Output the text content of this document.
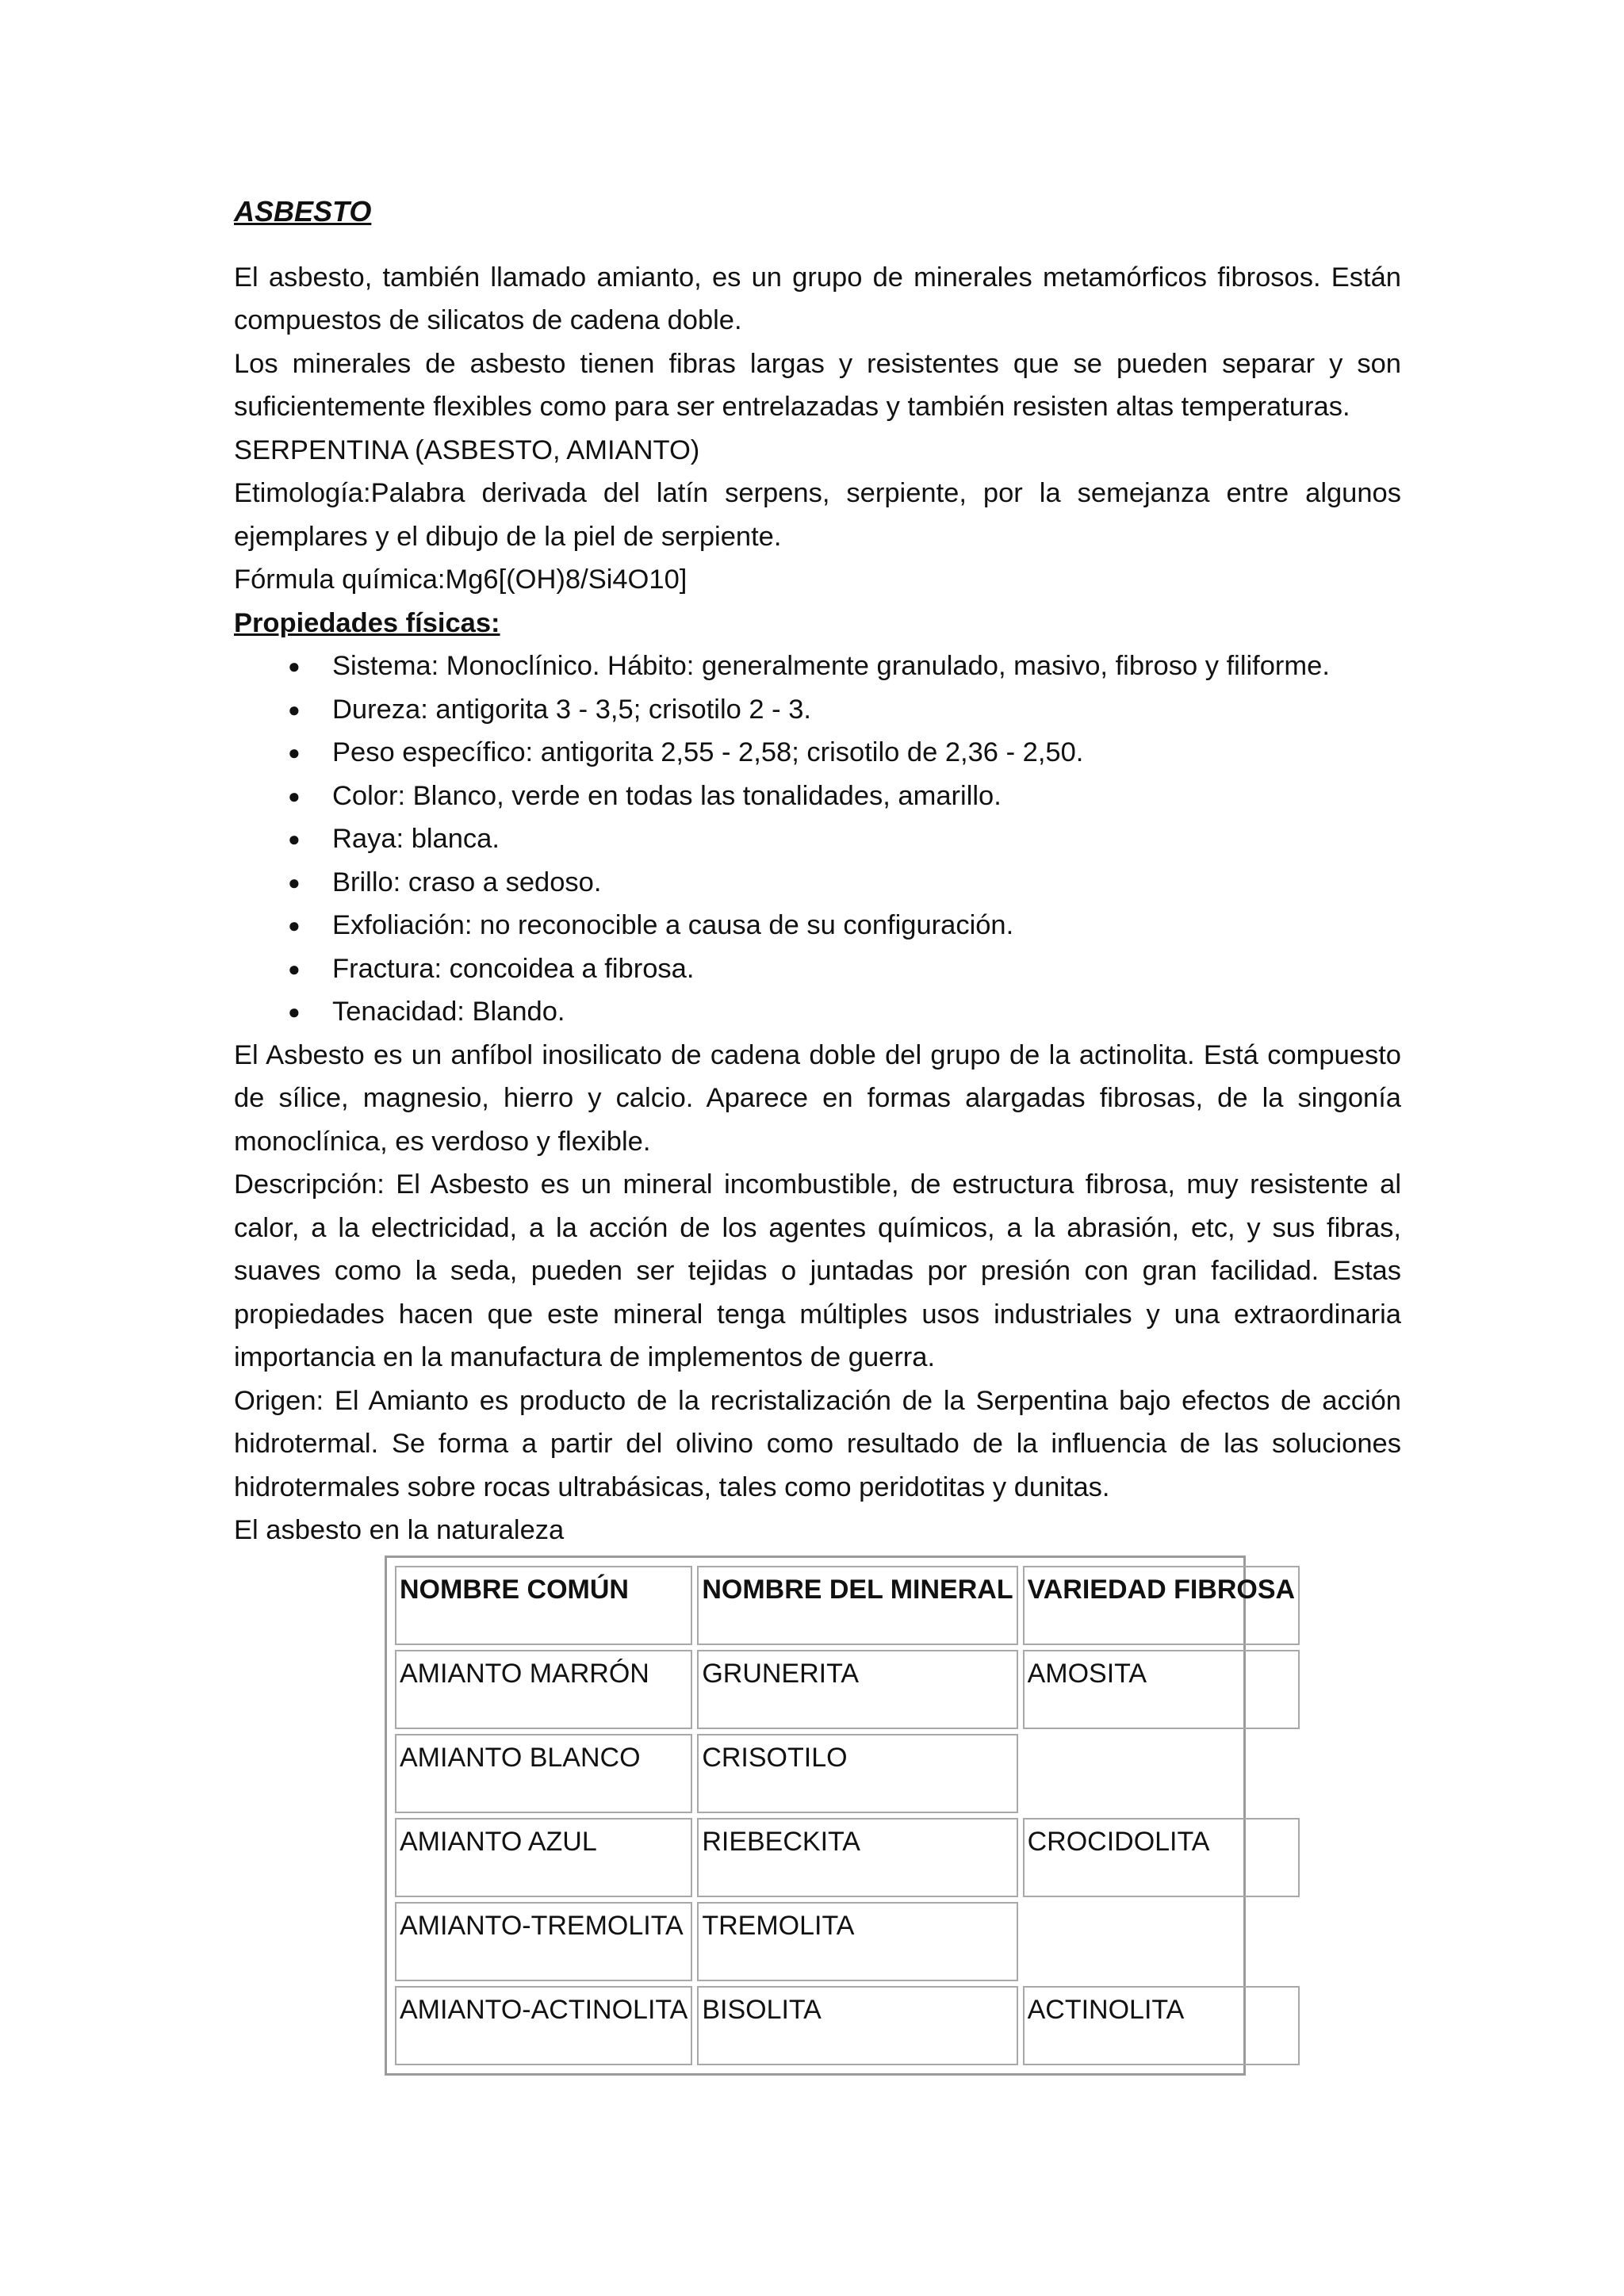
ASBESTO

El asbesto, también llamado amianto, es un grupo de minerales metamórficos fibrosos. Están compuestos de silicatos de cadena doble.

Los minerales de asbesto tienen fibras largas y resistentes que se pueden separar y son suficientemente flexibles como para ser entrelazadas y también resisten altas temperaturas.

SERPENTINA (ASBESTO, AMIANTO)

Etimología:Palabra derivada del latín serpens, serpiente, por la semejanza entre algunos ejemplares y el dibujo de la piel de serpiente.

Fórmula química:Mg6[(OH)8/Si4O10]

Propiedades físicas:

● Sistema: Monoclínico. Hábito: generalmente granulado, masivo, fibroso y filiforme.
● Dureza: antigorita 3 - 3,5; crisotilo 2 - 3.
● Peso específico: antigorita 2,55 - 2,58; crisotilo de 2,36 - 2,50.
● Color: Blanco, verde en todas las tonalidades, amarillo.
● Raya: blanca.
● Brillo: craso a sedoso.
● Exfoliación: no reconocible a causa de su configuración.
● Fractura: concoidea a fibrosa.
● Tenacidad: Blando.

El Asbesto es un anfíbol inosilicato de cadena doble del grupo de la actinolita. Está compuesto de sílice, magnesio, hierro y calcio. Aparece en formas alargadas fibrosas, de la singonía monoclínica, es verdoso y flexible.

Descripción: El Asbesto es un mineral incombustible, de estructura fibrosa, muy resistente al calor, a la electricidad, a la acción de los agentes químicos, a la abrasión, etc, y sus fibras, suaves como la seda, pueden ser tejidas o juntadas por presión con gran facilidad. Estas propiedades hacen que este mineral tenga múltiples usos industriales y una extraordinaria importancia en la manufactura de implementos de guerra.

Origen: El Amianto es producto de la recristalización de la Serpentina bajo efectos de acción hidrotermal. Se forma a partir del olivino como resultado de la influencia de las soluciones hidrotermales sobre rocas ultrabásicas, tales como peridotitas y dunitas.

El asbesto en la naturaleza

NOMBRE COMÚN	NOMBRE DEL MINERAL	VARIEDAD FIBROSA
AMIANTO MARRÓN	GRUNERITA	AMOSITA
AMIANTO BLANCO	CRISOTILO	
AMIANTO AZUL	RIEBECKITA	CROCIDOLITA
AMIANTO-TREMOLITA	TREMOLITA	
AMIANTO-ACTINOLITA	BISOLITA	ACTINOLITA
